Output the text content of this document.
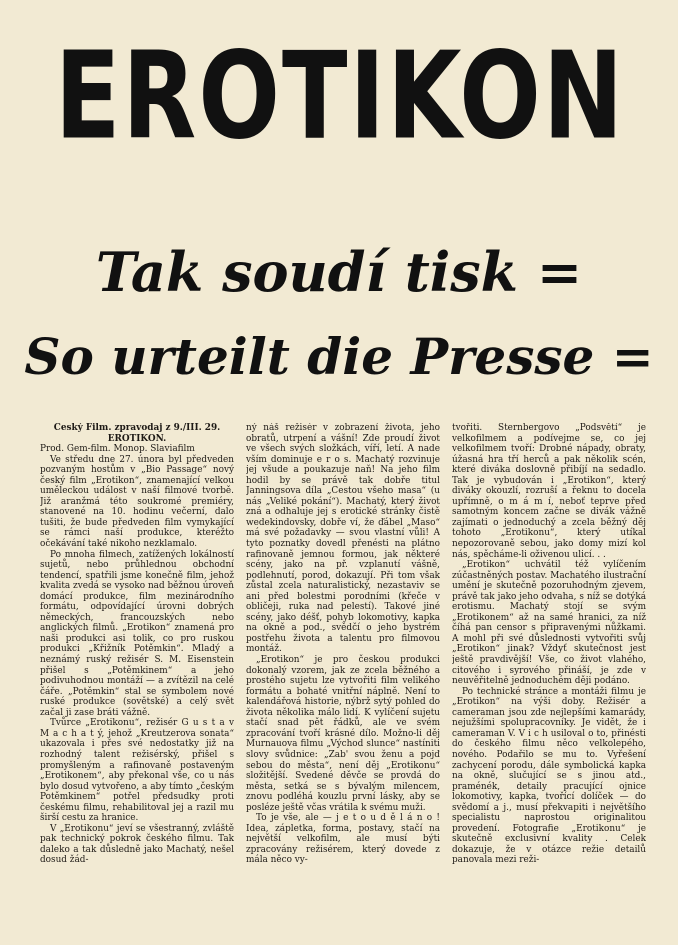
EROTIKON
Tak soudí tisk =
So urteilt die Presse =

Český Film. zpravodaj z 9./III. 29.

EROTIKON.

Prod. Gem-film. Monop. Slaviafilm

Ve středu dne 27. února byl předveden pozvaným hostům v „Bio Passage“ nový český film „Erotikon“, znamenající velkou uměleckou událost v naší filmové tvorbě. Již aranžmá této soukromé premiéry, stanovené na 10. hodinu večerní, dalo tušiti, že bude předveden film vymykající se rámci naší produkce, kteréžto očekávání také nikoho nezklamalo.

Po mnoha filmech, zatížených lokálností sujetů, nebo průhlednou obchodní tendencí, spatřili jsme konečně film, jehož kvalita zvedá se vysoko nad běžnou úroveň domácí produkce, film mezinárodního formátu, odpovídající úrovni dobrých německých, francouzských nebo anglických filmů. „Erotikon“ znamená pro naši produkci asi tolik, co pro ruskou produkci „Křižník Potěmkin“. Mladý a neznámý ruský režisér S. M. Eisenstein přišel s „Potěmkinem“ a jeho podivuhodnou montáží — a zvítězil na celé čáře. „Potěmkin“ stal se symbolem nové ruské produkce (sovětské) a celý svět začal ji zase bráti vážně.

Tvůrce „Erotikonu“, režisér G u s t a v M a c h a t ý, jehož „Kreutzerova sonata“ ukazovala i přes své nedostatky již na rozhodný talent režisérský, přišel s promyšleným a rafinovaně postaveným „Erotikonem“, aby překonal vše, co u nás bylo dosud vytvořeno, a aby tímto „českým Potěmkinem“ potřel předsudky proti českému filmu, rehabilitoval jej a razil mu širší cestu za hranice.

V „Erotikonu“ jeví se všestranný, zvláště pak technický pokrok českého filmu. Tak daleko a tak důsledně jako Machatý, nešel dosud žád-

ný náš režisér v zobrazení života, jeho obratů, utrpení a vášní! Zde proudí život ve všech svých složkách, víří, letí. A nade vším dominuje e r o s. Machatý rozvinuje jej všude a poukazuje naň! Na jeho film hodil by se právě tak dobře titul Janningsova díla „Cestou všeho masa“ (u nás „Veliké pokání“). Machatý, který život zná a odhaluje jej s erotické stránky čistě wedekindovsky, dobře ví, že ďábel „Maso“ má své požadavky — svou vlastní vůli! A tyto poznatky dovedl přenésti na plátno rafinovaně jemnou formou, jak některé scény, jako na př. vzplanutí vášně, podlehnutí, porod, dokazují. Při tom však zůstal zcela naturalistický, nezastaviv se ani před bolestmi porodními (křeče v obličeji, ruka nad pelestí). Takové jiné scény, jako déšť, pohyb lokomotivy, kapka na okně a pod., svědčí o jeho bystrém postřehu života a talentu pro filmovou montáž.

„Erotikon“ je pro českou produkci dokonalý vzorem, jak ze zcela běžného a prostého sujetu lze vytvořiti film velikého formátu a bohaté vnitřní náplně. Není to kalendářová historie, nýbrž sytý pohled do života několika málo lidí. K vylíčení sujetu stačí snad pět řádků, ale ve svém zpracování tvoří krásné dílo. Možno-li děj Murnauova filmu „Východ slunce“ nastíniti slovy svůdnice: „Zab' svou ženu a pojď sebou do města“, není děj „Erotikonu“ složitější. Svedené děvče se provdá do města, setká se s bývalým milencem, znovu podléhá kouzlu první lásky, aby se posléze ještě včas vrátila k svému muži.

To je vše, ale — j e t o u d ě l á n o ! Idea, zápletka, forma, postavy, stačí na největší velkofilm, ale musí býti zpracovány režisérem, který dovede z mála něco vy-

tvořiti. Sternbergovo „Podsvětí“ je velkofilmem a podívejme se, co jej velkofilmem tvoří: Drobné nápady, obraty, úžasná hra tří herců a pak několik scén, které diváka doslovně přibíjí na sedadlo. Tak je vybudován i „Erotikon“, který diváky okouzlí, rozruší a řeknu to docela upřímně, o m á m í, neboť teprve před samotným koncem začne se divák vážně zajímati o jednoduchý a zcela běžný děj tohoto „Erotikonu“, který utíkal nepozorovaně sebou, jako domy mizí kol nás, spěcháme-li oživenou ulicí. . .

„Erotikon“ uchvátil též vylíčením zúčastněných postav. Machatého ilustrační umění je skutečně pozoruhodným zjevem, právě tak jako jeho odvaha, s níž se dotýká erotismu. Machatý stojí se svým „Erotikonem“ až na samé hranici, za níž číhá pan censor s připravenými nůžkami. A mohl při své důslednosti vytvořiti svůj „Erotikon“ jinak? Vždyť skutečnost jest ještě pravdivější! Vše, co život vlahého, citového i syrového přináší, je zde v neuvěřitelně jednoduchém ději podáno.

Po technické stránce a montáži filmu je „Erotikon“ na výši doby. Režisér a cameraman jsou zde nejlepšími kamarády, nejužšími spolupracovníky. Je vidět, že i cameraman V. V i c h usiloval o to, přinésti do českého filmu něco velkolepého, nového. Podařilo se mu to. Vyřešení zachycení porodu, dále symbolická kapka na okně, slučující se s jinou atd., praménék, detaily pracující ojnice lokomotivy, kapka, tvořící dolíček — do svědomí a j., musí překvapiti i největšího specialistu naprostou originalitou provedení. Fotografie „Erotikonu“ je skutečně exclusivní kvality . Celek dokazuje, že v otázce režie detailů panovala mezi reži-
